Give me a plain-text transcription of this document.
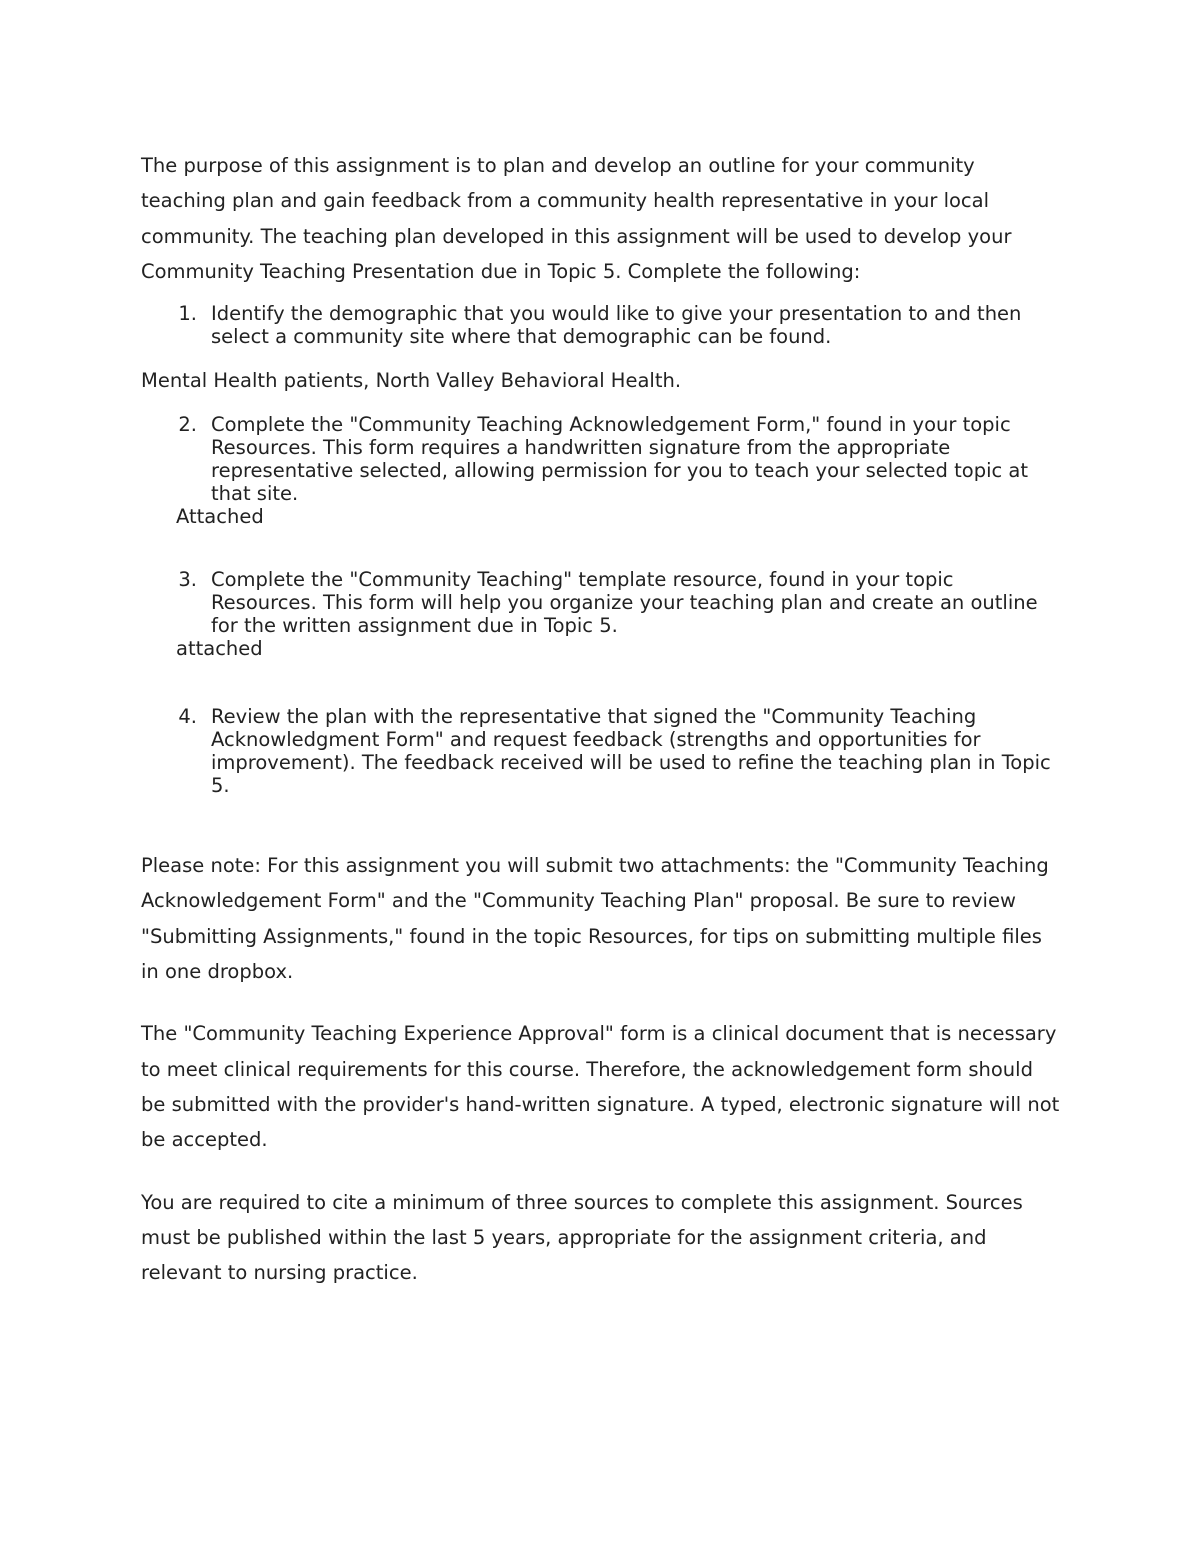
The purpose of this assignment is to plan and develop an outline for your community teaching plan and gain feedback from a community health representative in your local community. The teaching plan developed in this assignment will be used to develop your Community Teaching Presentation due in Topic 5. Complete the following:

1. Identify the demographic that you would like to give your presentation to and then select a community site where that demographic can be found.

Mental Health patients, North Valley Behavioral Health.

2. Complete the "Community Teaching Acknowledgement Form," found in your topic Resources. This form requires a handwritten signature from the appropriate representative selected, allowing permission for you to teach your selected topic at that site.

Attached

3. Complete the "Community Teaching" template resource, found in your topic Resources. This form will help you organize your teaching plan and create an outline for the written assignment due in Topic 5.

attached

4. Review the plan with the representative that signed the "Community Teaching Acknowledgment Form" and request feedback (strengths and opportunities for improvement). The feedback received will be used to refine the teaching plan in Topic 5.

Please note: For this assignment you will submit two attachments: the "Community Teaching Acknowledgement Form" and the "Community Teaching Plan" proposal. Be sure to review "Submitting Assignments," found in the topic Resources, for tips on submitting multiple files in one dropbox.

The "Community Teaching Experience Approval" form is a clinical document that is necessary to meet clinical requirements for this course. Therefore, the acknowledgement form should be submitted with the provider's hand-written signature. A typed, electronic signature will not be accepted.

You are required to cite a minimum of three sources to complete this assignment. Sources must be published within the last 5 years, appropriate for the assignment criteria, and relevant to nursing practice.
